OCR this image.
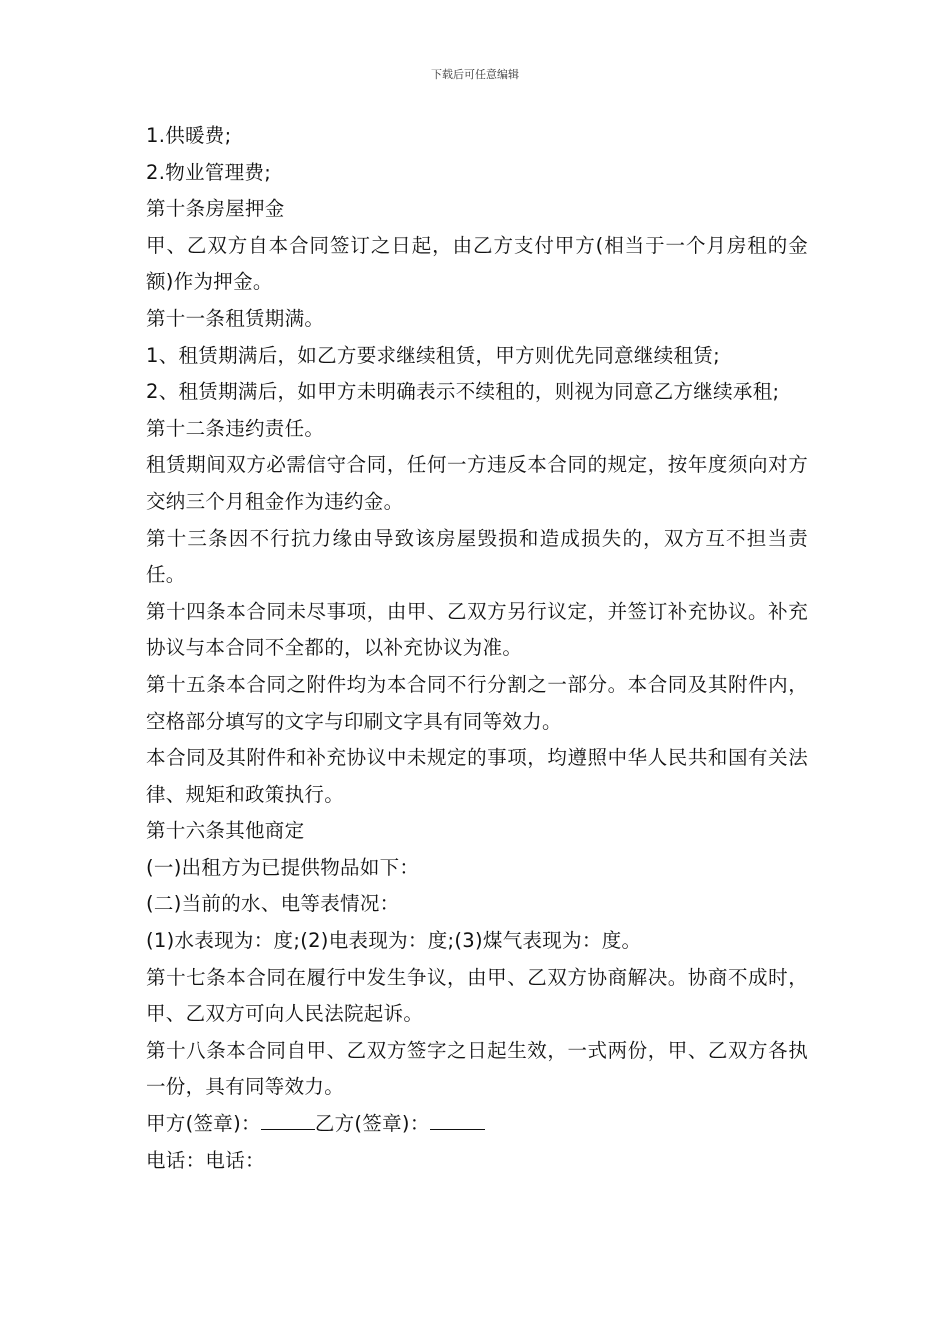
下载后可任意编辑

1.供暖费;

2.物业管理费;

第十条房屋押金

甲、乙双方自本合同签订之日起，由乙方支付甲方(相当于一个月房租的金额)作为押金。

第十一条租赁期满。

1、租赁期满后，如乙方要求继续租赁，甲方则优先同意继续租赁;

2、租赁期满后，如甲方未明确表示不续租的，则视为同意乙方继续承租;

第十二条违约责任。

租赁期间双方必需信守合同，任何一方违反本合同的规定，按年度须向对方交纳三个月租金作为违约金。

第十三条因不行抗力缘由导致该房屋毁损和造成损失的，双方互不担当责任。

第十四条本合同未尽事项，由甲、乙双方另行议定，并签订补充协议。补充协议与本合同不全都的，以补充协议为准。

第十五条本合同之附件均为本合同不行分割之一部分。本合同及其附件内，空格部分填写的文字与印刷文字具有同等效力。

本合同及其附件和补充协议中未规定的事项，均遵照中华人民共和国有关法律、规矩和政策执行。

第十六条其他商定

(一)出租方为已提供物品如下：

(二)当前的水、电等表情况：

(1)水表现为：度;(2)电表现为：度;(3)煤气表现为：度。

第十七条本合同在履行中发生争议，由甲、乙双方协商解决。协商不成时，甲、乙双方可向人民法院起诉。

第十八条本合同自甲、乙双方签字之日起生效，一式两份，甲、乙双方各执一份，具有同等效力。

甲方(签章)：	乙方(签章)：

电话：电话：
